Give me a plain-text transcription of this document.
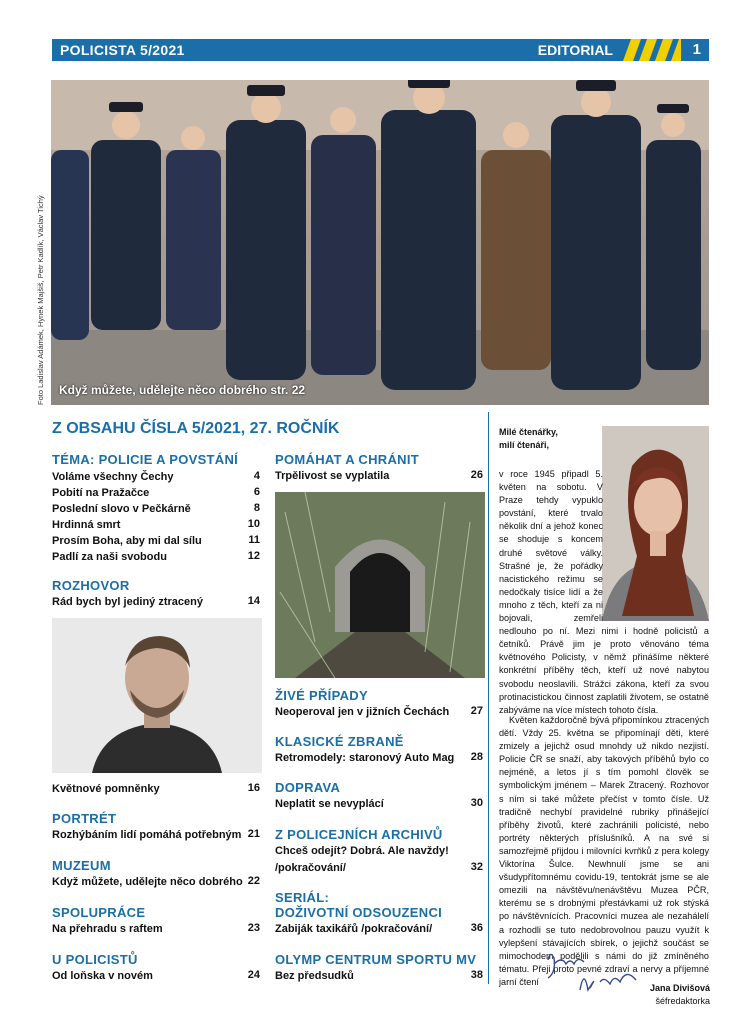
POLICISTA 5/2021	EDITORIAL	1
Foto Ladislav Adámek, Hynek Majšiš, Petr Kadlík, Václav Tichý Když můžete, udělejte něco dobrého str. 22
Z OBSAHU ČÍSLA 5/2021, 27. ROČNÍK
TÉMA: POLICIE A POVSTÁNÍ
Voláme všechny Čechy	4
Pobití na Pražačce	6
Poslední slovo v Pečkárně	8
Hrdinná smrt	10
Prosím Boha, aby mi dal sílu	11
Padlí za naši svobodu	12
ROZHOVOR
Rád bych byl jediný ztracený	14
Květnové pomněnky	16
PORTRÉT
Rozhýbáním lidí pomáhá potřebným 21
MUZEUM
Když můžete, udělejte něco dobrého 22
SPOLUPRÁCE
Na přehradu s raftem	23
U POLICISTŮ
Od loňska v novém	24
POMÁHAT A CHRÁNIT
Trpělivost se vyplatila	26
ŽIVÉ PŘÍPADY
Neoperoval jen v jižních Čechách	27
KLASICKÉ ZBRANĚ
Retromodely: staronový Auto Mag	28
DOPRAVA
Neplatit se nevyplácí	30
Z POLICEJNÍCH ARCHIVŮ
Chceš odejít? Dobrá. Ale navždy!
/pokračování/	32
SERIÁL:
DOŽIVOTNÍ ODSOUZENCI
Zabiják taxikářů /pokračování/	36
OLYMP CENTRUM SPORTU MV
Bez předsudků	38
Milé čtenářky,
milí čtenáři,
v roce 1945 připadl 5. květen na sobotu. V Praze tehdy vypuklo povstání, které trvalo několik dní a jehož konec se shoduje s koncem druhé světové války. Strašné je, že pořádky nacistického režimu se nedočkaly tisíce lidí a že mnoho z těch, kteří za ni bojovali, zemřeli nedlouho po ní. Mezi nimi i hodně policistů a četníků. Právě jim je proto věnováno téma květnového Policisty, v němž přinášíme některé konkrétní příběhy těch, kteří už nové nabytou svobodu neoslavili. Strážci zákona, kteří za svou protinacistickou činnost zaplatili životem, se ostatně zabýváme na více místech tohoto čísla.
Květen každoročně bývá připomínkou ztracených dětí. Vždy 25. května se připomínají děti, které zmizely a jejichž osud mnohdy už nikdo nezjistí. Policie ČR se snaží, aby takových příběhů bylo co nejméně, a letos jí s tím pomohl člověk se symbolickým jménem – Marek Ztracený. Rozhovor s ním si také můžete přečíst v tomto čísle. Už tradičně nechybí pravidelné rubriky přinášející příběhy životů, které zachránili policisté, nebo portréty některých příslušníků. A na své si samozřejmě přijdou i milovníci kvrňků z pera kolegy Viktorína Šulce. Newhnulí jsme se ani všudypřítomnému covidu-19, tentokrát jsme se ale omezili na návštěvu/nenávštěvu Muzea PČR, kterému se s drobnými přestávkami už rok stýská po návštěvnících. Pracovníci muzea ale nezahálelí a rozhodli se tuto nedobrovolnou pauzu využít k vylepšení stávajících sbírek, o jejichž součást se mimochodem podělili s námi do již zmíněného tématu. Přeji proto pevné zdraví a nervy a příjemné jarní čtení
Jana Divišová
šéfredaktorka
